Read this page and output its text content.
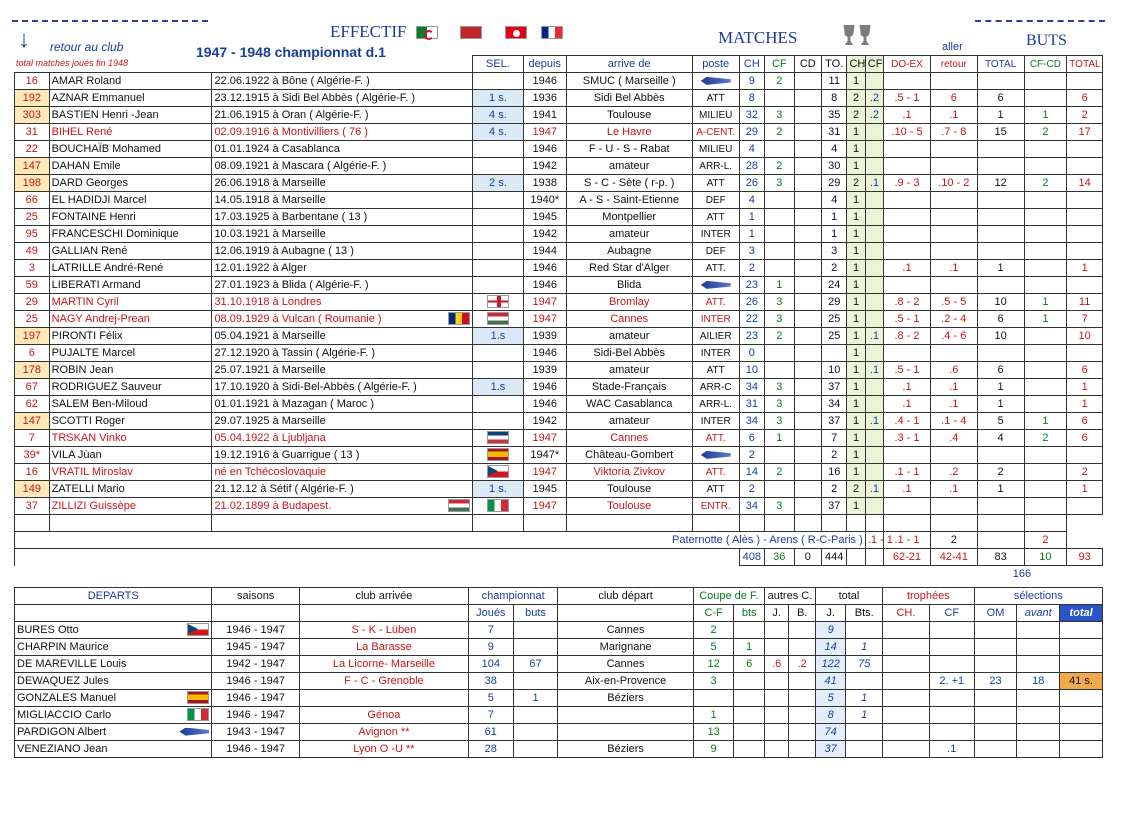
↓ retour au club
total matches joués fin 1948
EFFECTIF

1947 - 1948 championnat d.1
MATCHES	aller	BUTS
			SEL.	depuis	arrive de	poste	CH	CF	CD	TO.	CH	CF	DO-EX	retour	TOTAL	CF-CD	TOTAL
16	AMAR Roland	22.06.1922 à Bône ( Algérie-F. )		1946	SMUC ( Marseille )		9	2		11	1						
192	AZNAR Emmanuel	23.12.1915 à Sidi Bel Abbès ( Algérie-F. )	1 s.	1936	Sidi Bel Abbès	ATT	8			8	2	.2	.5 - 1	6	6		6
303	BASTIEN Henri -Jean	21.06.1915 à Oran ( Algérie-F. )	4 s.	1941	Toulouse	MILIEU	32	3		35	2	.2	.1	.1	1	1	2
31	BIHEL René	02.09.1916 à Montivilliers ( 76 )	4 s.	1947	Le Havre	A-CENT.	29	2		31	1		.10 - 5	.7 - 8	15	2	17
22	BOUCHAÏB Mohamed	01.01.1924 à Casablanca		1946	F - U - S - Rabat	MILIEU	4			4	1						
147	DAHAN Emile	08.09.1921 à Mascara ( Algérie-F. )		1942	amateur	ARR-L.	28	2		30	1						
198	DARD Georges	26.06.1918 à Marseille	2 s.	1938	S - C - Sète ( r-p. )	ATT	26	3		29	2	.1	.9 - 3	.10 - 2	12	2	14
66	EL HADIDJI Marcel	14.05.1918 à Marseille		1940*	A - S - Saint-Etienne	DEF	4			4	1						
25	FONTAINE Henri	17.03.1925 à Barbentane ( 13 )		1945	Montpellier	ATT	1			1	1						
95	FRANCESCHI Dominique	10.03.1921 à Marseille		1942	amateur	INTER	1			1	1						
49	GALLIAN René	12.06.1919 à Aubagne ( 13 )		1944	Aubagne	DEF	3			3	1						
3	LATRILLE André-René	12.01.1922 à Alger		1946	Red Star d'Alger	ATT.	2			2	1		.1	.1	1		1
59	LIBERATI Armand	27.01.1923 à Blida ( Algérie-F. )		1946	Blida		23	1		24	1						
29	MARTIN Cyril	31.10.1918 à Londres		1947	Bromlay	ATT.	26	3		29	1		.8 - 2	.5 - 5	10	1	11
25	NAGY Andrej-Prean	08.09.1929 à Vulcan ( Roumanie )		1947	Cannes	INTER	22	3		25	1		.5 - 1	.2 - 4	6	1	7
197	PIRONTI Félix	05.04.1921 à Marseille	1.s	1939	amateur	AILIER	23	2		25	1	.1	.8 - 2	.4 - 6	10		10
6	PUJALTE Marcel	27.12.1920 à Tassin ( Algérie-F. )		1946	Sidi-Bel Abbès	INTER	0				1						
178	ROBIN Jean	25.07.1921 à Marseille		1939	amateur	ATT	10			10	1	.1	.5 - 1	.6	6		6
67	RODRIGUEZ Sauveur	17.10.1920 à Sidi-Bel-Abbès ( Algérie-F. )	1.s	1946	Stade-Français	ARR-C	34	3		37	1		.1	.1	1		1
62	SALEM Ben-Miloud	01.01.1921 à Mazagan ( Maroc )		1946	WAC Casablanca	ARR-L.	31	3		34	1		.1	.1	1		1
147	SCOTTI Roger	29.07.1925 à Marseille		1942	amateur	INTER	34	3		37	1	.1	.4 - 1	.1 - 4	5	1	6
7	TRSKAN Vinko	05.04.1922 à Ljubljana		1947	Cannes	ATT.	6	1		7	1		.3 - 1	.4	4	2	6
39*	VILA Jùan	19.12.1916 à Guarrigue ( 13 )		1947*	Château-Gombert		2			2	1						
16	VRATIL Miroslav	né en Tchécoslovaquie		1947	Viktoria Zivkov	ATT.	14	2		16	1		.1 - 1	.2	2		2
149	ZATELLI Mario	21.12.12 à Sétif ( Algérie-F. )	1 s.	1945	Toulouse	ATT	2			2	2	.1	.1	.1	1		1
37	ZILLIZI Guissèpe	21.02.1899 à Budapest.		1947	Toulouse	ENTR.	34	3		37	1						

Paternotte ( Alès ) - Arens ( R-C-Paris )												.1 - 1	.1 - 1	2		2	
							408	36	0	444			62-21	42-41	83	10	93
															166		
DEPARTS	saisons	club arrivée	championnat		club départ	Coupe de F.		autres C.		total		trophées		sélections		
			Joués	buts		C-F	bts	J.	B.	J.	Bts.	CH.	CF	OM	avant	total
BURES Otto	1946 - 1947	S - K - Lüben	7		Cannes	2				9						
CHARPIN Maurice	1945 - 1947	La Barasse	9		Marignane	5	1			14	1					
DE MAREVILLE Louis	1942 - 1947	La Licorne- Marseille	104	67	Cannes	12	6	.6	.2	122	75					
DEWAQUEZ Jules	1946 - 1947	F - C - Grenoble	38		Aix-en-Provence	3				41			2. +1	23	18	41 s.
GONZALES Manuel	1946 - 1947		5	1	Béziers					5	1					
MIGLIACCIO Carlo	1946 - 1947	Génoa	7			1				8	1					
PARDIGON Albert	1943 - 1947	Avignon **	61			13				74						
VENEZIANO Jean	1946 - 1947	Lyon O -U **	28		Béziers	9				37			.1			
